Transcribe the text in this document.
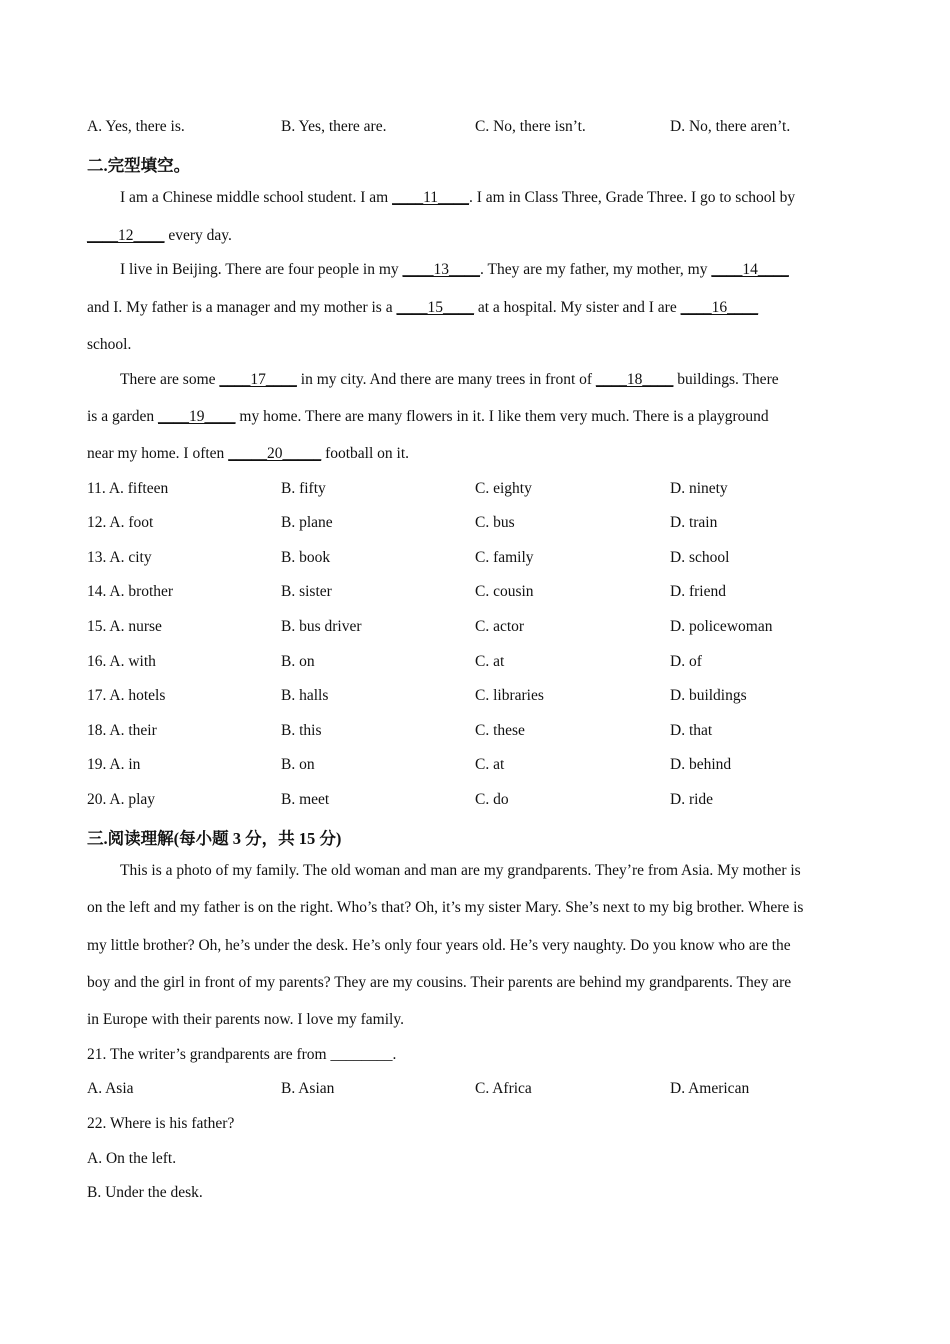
A. Yes, there is.	B. Yes, there are.	C. No, there isn’t.	D. No, there aren’t.
二.完型填空。
I am a Chinese middle school student. I am ____11____. I am in Class Three, Grade Three. I go to school by
____12____ every day.
I live in Beijing. There are four people in my ____13____. They are my father, my mother, my ____14____
and I. My father is a manager and my mother is a ____15____ at a hospital. My sister and I are ____16____
school.
There are some ____17____ in my city. And there are many trees in front of ____18____ buildings. There
is a garden ____19____ my home. There are many flowers in it. I like them very much. There is a playground
near my home. I often _____20_____ football on it.
11. A. fifteen	B. fifty	C. eighty	D. ninety
12. A. foot	B. plane	C. bus	D. train
13. A. city	B. book	C. family	D. school
14. A. brother	B. sister	C. cousin	D. friend
15. A. nurse	B. bus driver	C. actor	D. policewoman
16. A. with	B. on	C. at	D. of
17. A. hotels	B. halls	C. libraries	D. buildings
18. A. their	B. this	C. these	D. that
19. A. in	B. on	C. at	D. behind
20. A. play	B. meet	C. do	D. ride
三.阅读理解(每小题 3 分，共 15 分)
This is a photo of my family. The old woman and man are my grandparents. They’re from Asia. My mother is
on the left and my father is on the right. Who’s that? Oh, it’s my sister Mary. She’s next to my big brother. Where is
my little brother? Oh, he’s under the desk. He’s only four years old. He’s very naughty. Do you know who are the
boy and the girl in front of my parents? They are my cousins. Their parents are behind my grandparents. They are
in Europe with their parents now. I love my family.
21. The writer’s grandparents are from ________.
A. Asia	B. Asian	C. Africa	D. American
22. Where is his father?
A. On the left.
B. Under the desk.
